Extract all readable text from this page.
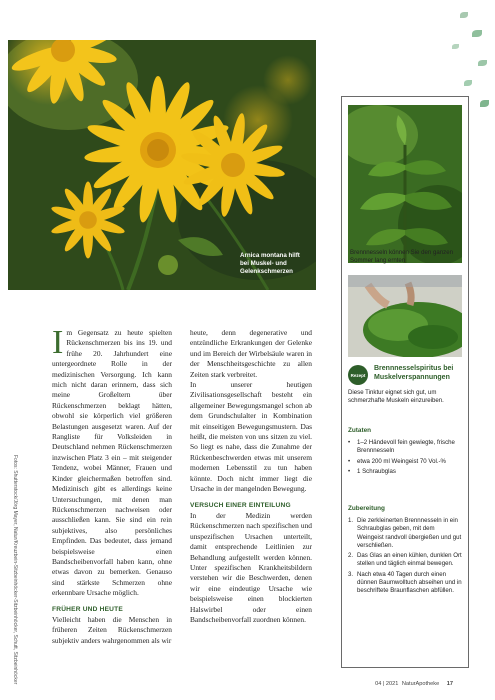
Arnica montana hilft
bei Muskel- und
Gelenkschmerzen
Fotos: Shutterstock/Jörg Mayer, Natur/Kreuzbein-Sitzbeinhöcker-Sitzbeinhöcker, Schutt, Sitzbeinhöcker
I m Gegensatz zu heute spielten Rückenschmerzen bis ins 19. und frühe 20. Jahrhundert eine untergeordnete Rolle in der medizinischen Versorgung. Ich kann mich nicht daran erinnern, dass sich meine Großeltern über Rückenschmerzen beklagt hätten, obwohl sie körperlich viel größeren Belastungen ausgesetzt waren. Auf der Rangliste für Volksleiden in Deutschland nehmen Rückenschmerzen inzwischen Platz 3 ein – mit steigender Tendenz, wobei Männer, Frauen und Kinder gleichermaßen betroffen sind. Medizinisch gibt es allerdings keine Untersuchungen, mit denen man Rückenschmerzen nachweisen oder ausschließen kann. Sie sind ein rein subjektives, also persönliches Empfinden. Das bedeutet, dass jemand beispielsweise einen Bandscheibenvorfall haben kann, ohne etwas davon zu bemerken. Genauso sind stärkste Schmerzen ohne erkennbare Ursache möglich.

FRÜHER UND HEUTE

Vielleicht haben die Menschen in früheren Zeiten Rückenschmerzen subjektiv anders wahrgenommen als wir

heute, denn degenerative und entzündliche Erkrankungen der Gelenke und im Bereich der Wirbelsäule waren in der Menschheitsgeschichte zu allen Zeiten stark verbreitet.

In unserer heutigen Zivilisationsgesellschaft besteht ein allgemeiner Bewegungsmangel schon ab dem Grundschulalter in Kombination mit einseitigen Bewegungsmustern. Das heißt, die meisten von uns sitzen zu viel. So liegt es nahe, dass die Zunahme der Rückenbeschwerden etwas mit unserem modernen Lebensstil zu tun haben könnte. Doch nicht immer liegt die Ursache in der mangelnden Bewegung.

VERSUCH EINER EINTEILUNG

In der Medizin werden Rückenschmerzen nach spezifischen und unspezifischen Ursachen unterteilt, damit entsprechende Leitlinien zur Behandlung aufgestellt werden können. Unter spezifischen Krankheitsbildern verstehen wir die Beschwerden, denen wir eine eindeutige Ursache wie beispielsweise einen blockierten Halswirbel oder einen Bandscheibenvorfall zuordnen können.

Brennnesseln können Sie den ganzen Sommer lang ernten
Rezept
Brennnesselspiritus bei Muskelverspannungen
Diese Tinktur eignet sich gut, um schmerzhafte Muskeln einzureiben.
Zutaten
• 1–2 Händevoll fein gewiegte, frische Brennnesseln
• etwa 200 ml Weingeist 70 Vol.-%
• 1 Schraubglas
Zubereitung
1. Die zerkleinerten Brennnesseln in ein Schraubglas geben, mit dem Weingeist randvoll übergießen und gut verschließen.
2. Das Glas an einen kühlen, dunklen Ort stellen und täglich einmal bewegen.
3. Nach etwa 40 Tagen durch einen dünnen Baumwolltuch abseihen und in beschriftete Braunflaschen abfüllen.
04 | 2021 NaturApotheke 17
